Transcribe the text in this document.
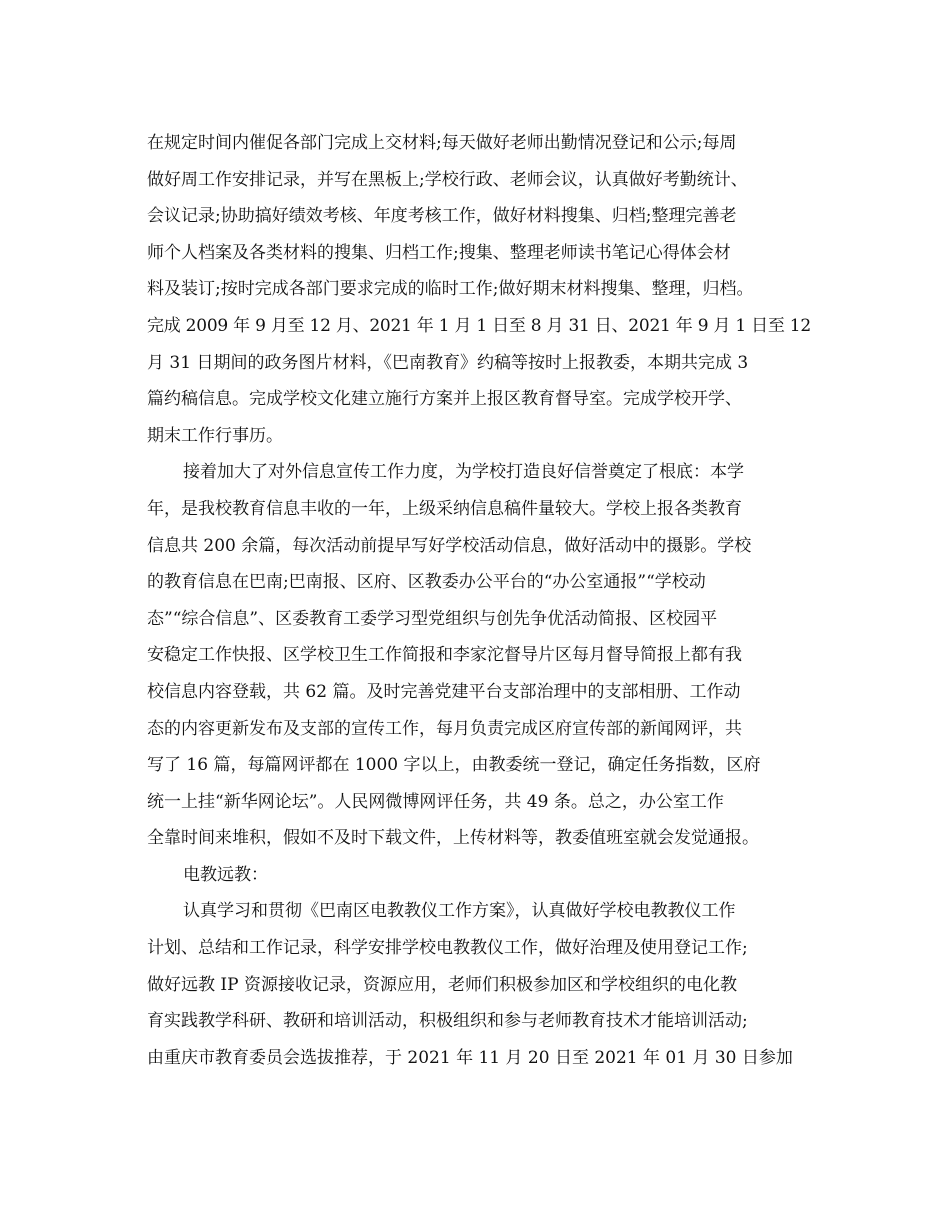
在规定时间内催促各部门完成上交材料;每天做好老师出勤情况登记和公示;每周
做好周工作安排记录，并写在黑板上;学校行政、老师会议，认真做好考勤统计、
会议记录;协助搞好绩效考核、年度考核工作，做好材料搜集、归档;整理完善老
师个人档案及各类材料的搜集、归档工作;搜集、整理老师读书笔记心得体会材
料及装订;按时完成各部门要求完成的临时工作;做好期末材料搜集、整理，归档。
完成 2009 年 9 月至 12 月、2021 年 1 月 1 日至 8 月 31 日、2021 年 9 月 1 日至 12
月 31 日期间的政务图片材料，《巴南教育》约稿等按时上报教委，本期共完成 3
篇约稿信息。完成学校文化建立施行方案并上报区教育督导室。完成学校开学、
期末工作行事历。
接着加大了对外信息宣传工作力度，为学校打造良好信誉奠定了根底：本学
年，是我校教育信息丰收的一年，上级采纳信息稿件量较大。学校上报各类教育
信息共 200 余篇，每次活动前提早写好学校活动信息，做好活动中的摄影。学校
的教育信息在巴南;巴南报、区府、区教委办公平台的“办公室通报”“学校动
态”“综合信息”、区委教育工委学习型党组织与创先争优活动简报、区校园平
安稳定工作快报、区学校卫生工作简报和李家沱督导片区每月督导简报上都有我
校信息内容登载，共 62 篇。及时完善党建平台支部治理中的支部相册、工作动
态的内容更新发布及支部的宣传工作，每月负责完成区府宣传部的新闻网评，共
写了 16 篇，每篇网评都在 1000 字以上，由教委统一登记，确定任务指数，区府
统一上挂“新华网论坛”。人民网微博网评任务，共 49 条。总之，办公室工作
全靠时间来堆积，假如不及时下载文件，上传材料等，教委值班室就会发觉通报。
电教远教：
认真学习和贯彻《巴南区电教教仪工作方案》，认真做好学校电教教仪工作
计划、总结和工作记录，科学安排学校电教教仪工作，做好治理及使用登记工作;
做好远教 IP 资源接收记录，资源应用，老师们积极参加区和学校组织的电化教
育实践教学科研、教研和培训活动，积极组织和参与老师教育技术才能培训活动;
由重庆市教育委员会选拔推荐，于 2021 年 11 月 20 日至 2021 年 01 月 30 日参加
